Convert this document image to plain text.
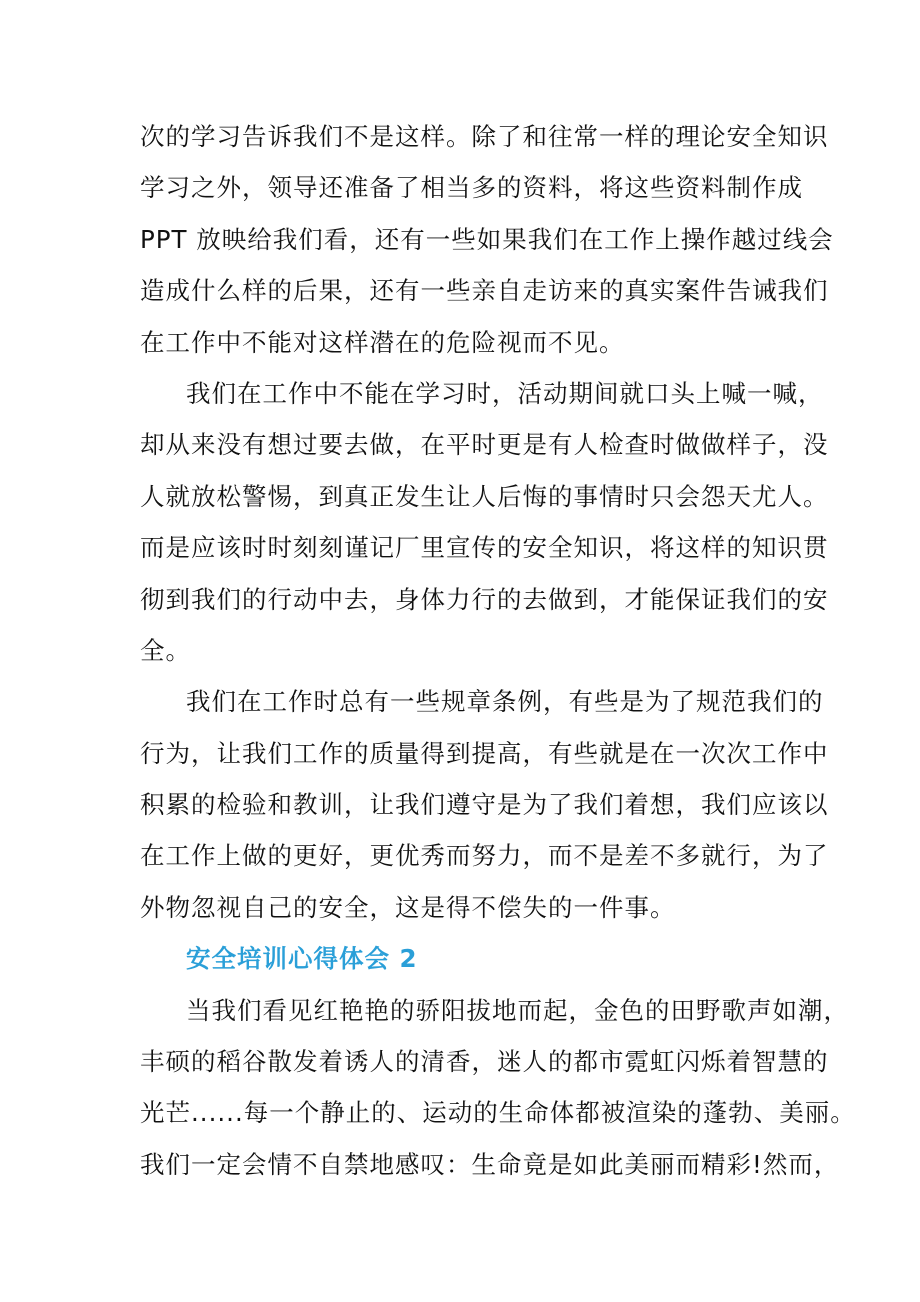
次的学习告诉我们不是这样。除了和往常一样的理论安全知识
学习之外，领导还准备了相当多的资料，将这些资料制作成
PPT 放映给我们看，还有一些如果我们在工作上操作越过线会
造成什么样的后果，还有一些亲自走访来的真实案件告诫我们
在工作中不能对这样潜在的危险视而不见。
我们在工作中不能在学习时，活动期间就口头上喊一喊，
却从来没有想过要去做，在平时更是有人检查时做做样子，没
人就放松警惕，到真正发生让人后悔的事情时只会怨天尤人。
而是应该时时刻刻谨记厂里宣传的安全知识，将这样的知识贯
彻到我们的行动中去，身体力行的去做到，才能保证我们的安
全。
我们在工作时总有一些规章条例，有些是为了规范我们的
行为，让我们工作的质量得到提高，有些就是在一次次工作中
积累的检验和教训，让我们遵守是为了我们着想，我们应该以
在工作上做的更好，更优秀而努力，而不是差不多就行，为了
外物忽视自己的安全，这是得不偿失的一件事。
安全培训心得体会 2
当我们看见红艳艳的骄阳拔地而起，金色的田野歌声如潮，
丰硕的稻谷散发着诱人的清香，迷人的都市霓虹闪烁着智慧的
光芒......每一个静止的、运动的生命体都被渲染的蓬勃、美丽。
我们一定会情不自禁地感叹：生命竟是如此美丽而精彩!然而，
